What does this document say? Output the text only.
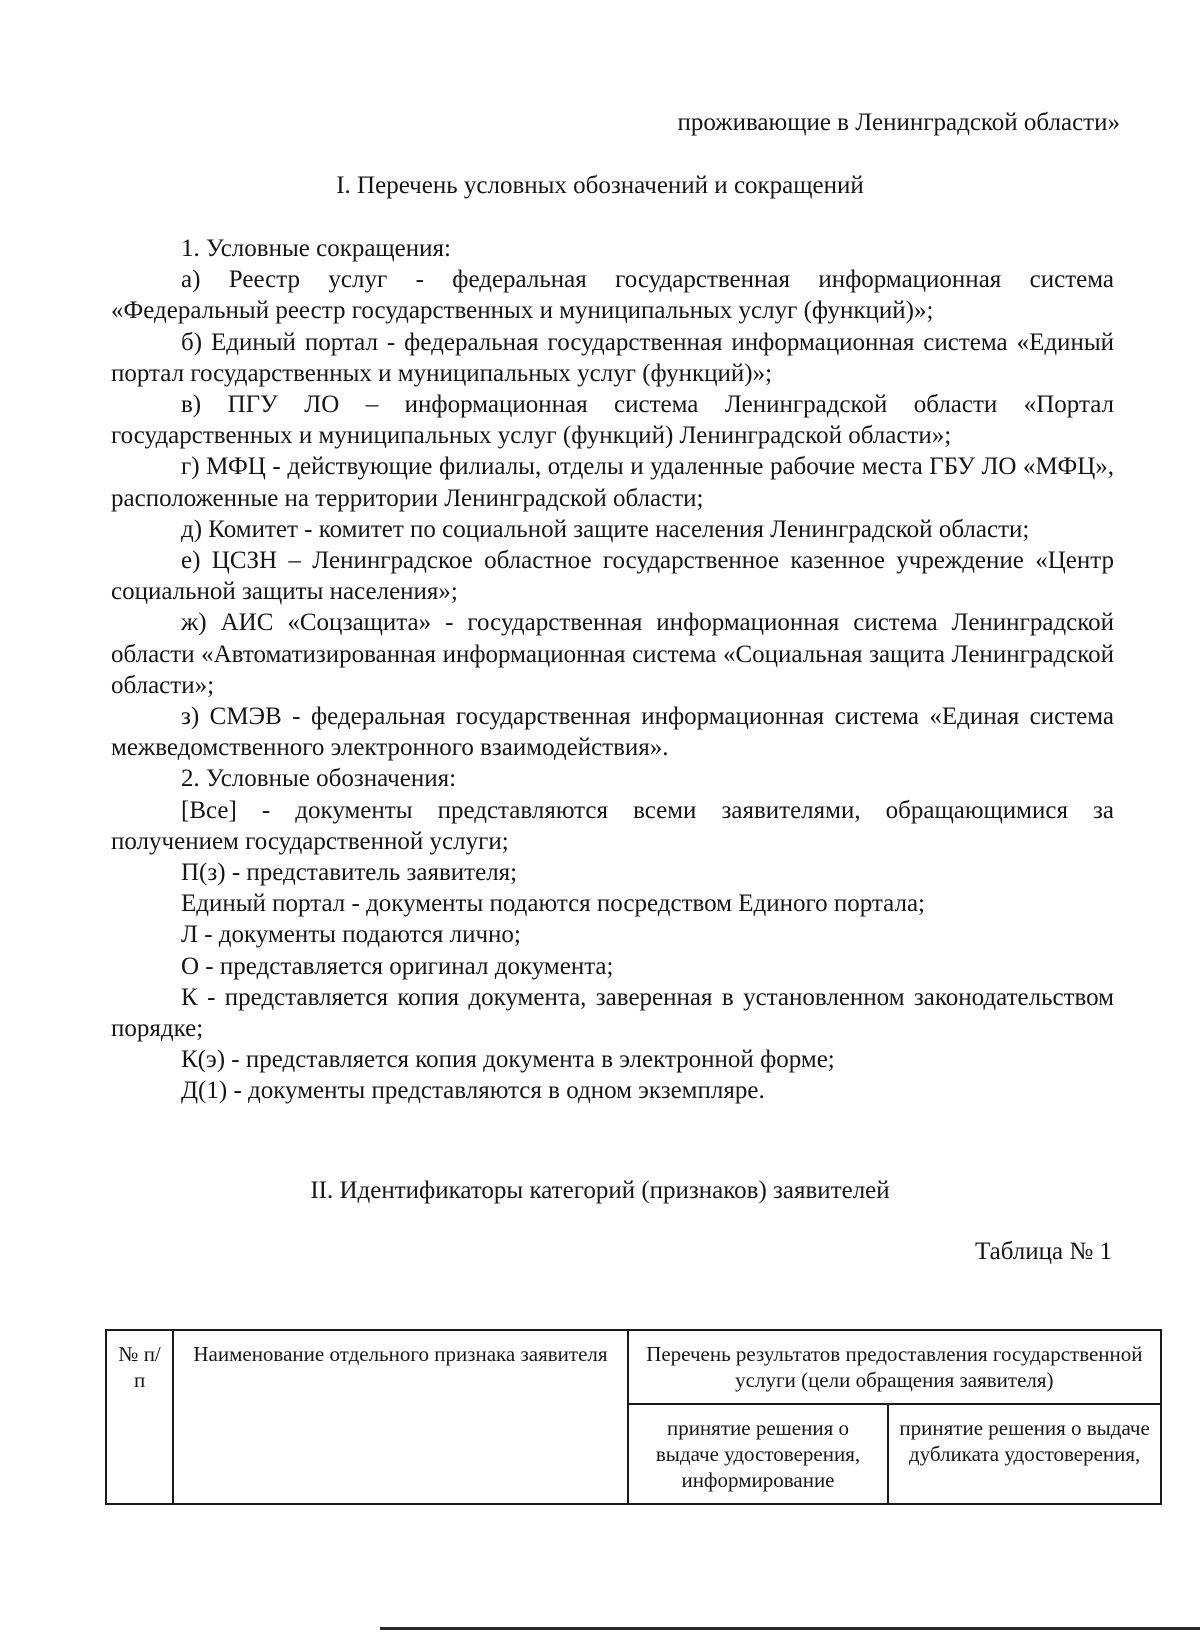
проживающие в Ленинградской области»
I. Перечень условных обозначений и сокращений

1. Условные сокращения:

а) Реестр услуг - федеральная государственная информационная система «Федеральный реестр государственных и муниципальных услуг (функций)»;

б) Единый портал - федеральная государственная информационная система «Единый портал государственных и муниципальных услуг (функций)»;

в) ПГУ ЛО – информационная система Ленинградской области «Портал государственных и муниципальных услуг (функций) Ленинградской области»;

г) МФЦ - действующие филиалы, отделы и удаленные рабочие места ГБУ ЛО «МФЦ», расположенные на территории Ленинградской области;

д) Комитет - комитет по социальной защите населения Ленинградской области;

е) ЦСЗН – Ленинградское областное государственное казенное учреждение «Центр социальной защиты населения»;

ж) АИС «Соцзащита» - государственная информационная система Ленинградской области «Автоматизированная информационная система «Социальная защита Ленинградской области»;

з) СМЭВ - федеральная государственная информационная система «Единая система межведомственного электронного взаимодействия».

2. Условные обозначения:

[Все] - документы представляются всеми заявителями, обращающимися за получением государственной услуги;

П(з) - представитель заявителя;

Единый портал - документы подаются посредством Единого портала;

Л - документы подаются лично;

О - представляется оригинал документа;

К - представляется копия документа, заверенная в установленном законодательством порядке;

К(э) - представляется копия документа в электронной форме;

Д(1) - документы представляются в одном экземпляре.

II. Идентификаторы категорий (признаков) заявителей
Таблица № 1
№ п/п	Наименование отдельного признака заявителя	Перечень результатов предоставления государственной услуги (цели обращения заявителя)	
		принятие решения о выдаче удостоверения, информирование	принятие решения о выдаче дубликата удостоверения,
